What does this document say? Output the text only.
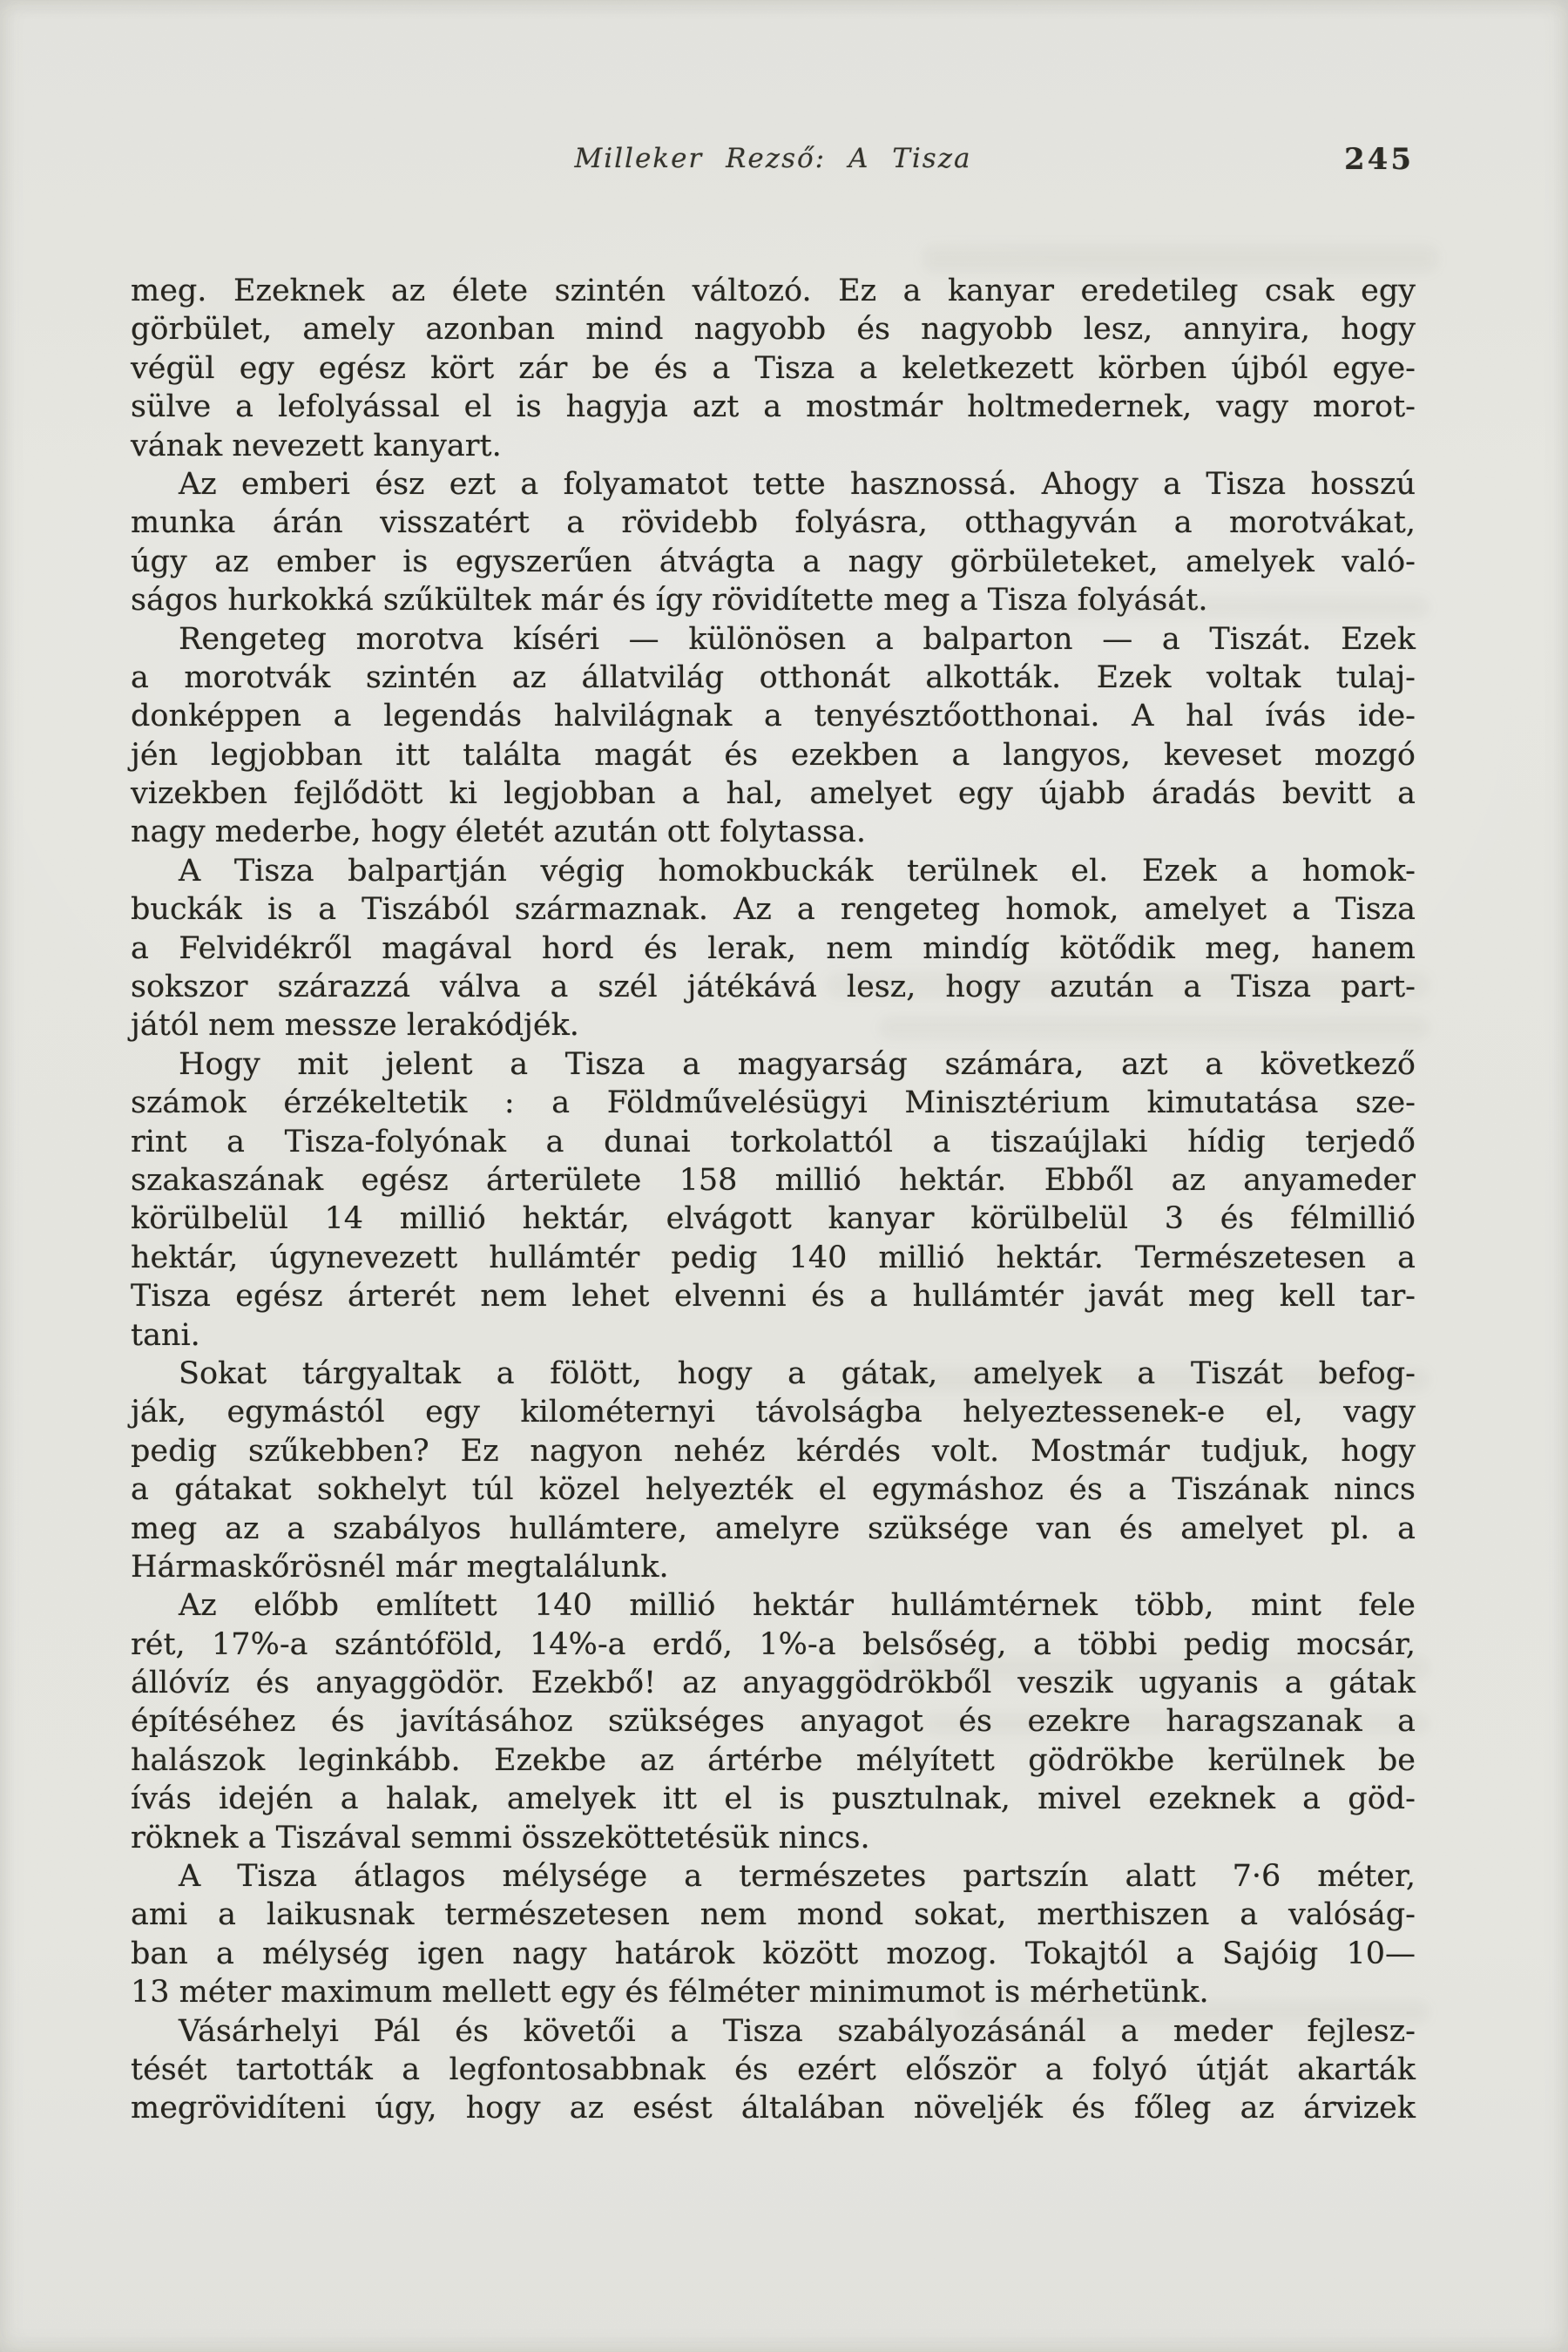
Milleker Rezső: A Tisza	245
meg. Ezeknek az élete szintén változó. Ez a kanyar eredetileg csak egy
görbület, amely azonban mind nagyobb és nagyobb lesz, annyira, hogy
végül egy egész kört zár be és a Tisza a keletkezett körben újból egye-
sülve a lefolyással el is hagyja azt a mostmár holtmedernek, vagy morot-
vának nevezett kanyart.
Az emberi ész ezt a folyamatot tette hasznossá. Ahogy a Tisza hosszú
munka árán visszatért a rövidebb folyásra, otthagyván a morotvákat,
úgy az ember is egyszerűen átvágta a nagy görbületeket, amelyek való-
ságos hurkokká szűkültek már és így rövidítette meg a Tisza folyását.
Rengeteg morotva kíséri — különösen a balparton — a Tiszát. Ezek
a morotvák szintén az állatvilág otthonát alkották. Ezek voltak tulaj-
donképpen a legendás halvilágnak a tenyésztőotthonai. A hal ívás ide-
jén legjobban itt találta magát és ezekben a langyos, keveset mozgó
vizekben fejlődött ki legjobban a hal, amelyet egy újabb áradás bevitt a
nagy mederbe, hogy életét azután ott folytassa.
A Tisza balpartján végig homokbuckák terülnek el. Ezek a homok-
buckák is a Tiszából származnak. Az a rengeteg homok, amelyet a Tisza
a Felvidékről magával hord és lerak, nem mindíg kötődik meg, hanem
sokszor szárazzá válva a szél játékává lesz, hogy azután a Tisza part-
jától nem messze lerakódjék.
Hogy mit jelent a Tisza a magyarság számára, azt a következő
számok érzékeltetik : a Földművelésügyi Minisztérium kimutatása sze-
rint a Tisza-folyónak a dunai torkolattól a tiszaújlaki hídig terjedő
szakaszának egész árterülete 158 millió hektár. Ebből az anyameder
körülbelül 14 millió hektár, elvágott kanyar körülbelül 3 és félmillió
hektár, úgynevezett hullámtér pedig 140 millió hektár. Természetesen a
Tisza egész árterét nem lehet elvenni és a hullámtér javát meg kell tar-
tani.
Sokat tárgyaltak a fölött, hogy a gátak, amelyek a Tiszát befog-
ják, egymástól egy kilométernyi távolságba helyeztessenek-e el, vagy
pedig szűkebben? Ez nagyon nehéz kérdés volt. Mostmár tudjuk, hogy
a gátakat sokhelyt túl közel helyezték el egymáshoz és a Tiszának nincs
meg az a szabályos hullámtere, amelyre szüksége van és amelyet pl. a
Hármaskőrösnél már megtalálunk.
Az előbb említett 140 millió hektár hullámtérnek több, mint fele
rét, 17%-a szántóföld, 14%-a erdő, 1%-a belsőség, a többi pedig mocsár,
állóvíz és anyaggödör. Ezekbő! az anyaggödrökből veszik ugyanis a gátak
építéséhez és javításához szükséges anyagot és ezekre haragszanak a
halászok leginkább. Ezekbe az ártérbe mélyített gödrökbe kerülnek be
ívás idején a halak, amelyek itt el is pusztulnak, mivel ezeknek a göd-
röknek a Tiszával semmi összeköttetésük nincs.
A Tisza átlagos mélysége a természetes partszín alatt 7·6 méter,
ami a laikusnak természetesen nem mond sokat, merthiszen a valóság-
ban a mélység igen nagy határok között mozog. Tokajtól a Sajóig 10—
13 méter maximum mellett egy és félméter minimumot is mérhetünk.
Vásárhelyi Pál és követői a Tisza szabályozásánál a meder fejlesz-
tését tartották a legfontosabbnak és ezért először a folyó útját akarták
megrövidíteni úgy, hogy az esést általában növeljék és főleg az árvizek
